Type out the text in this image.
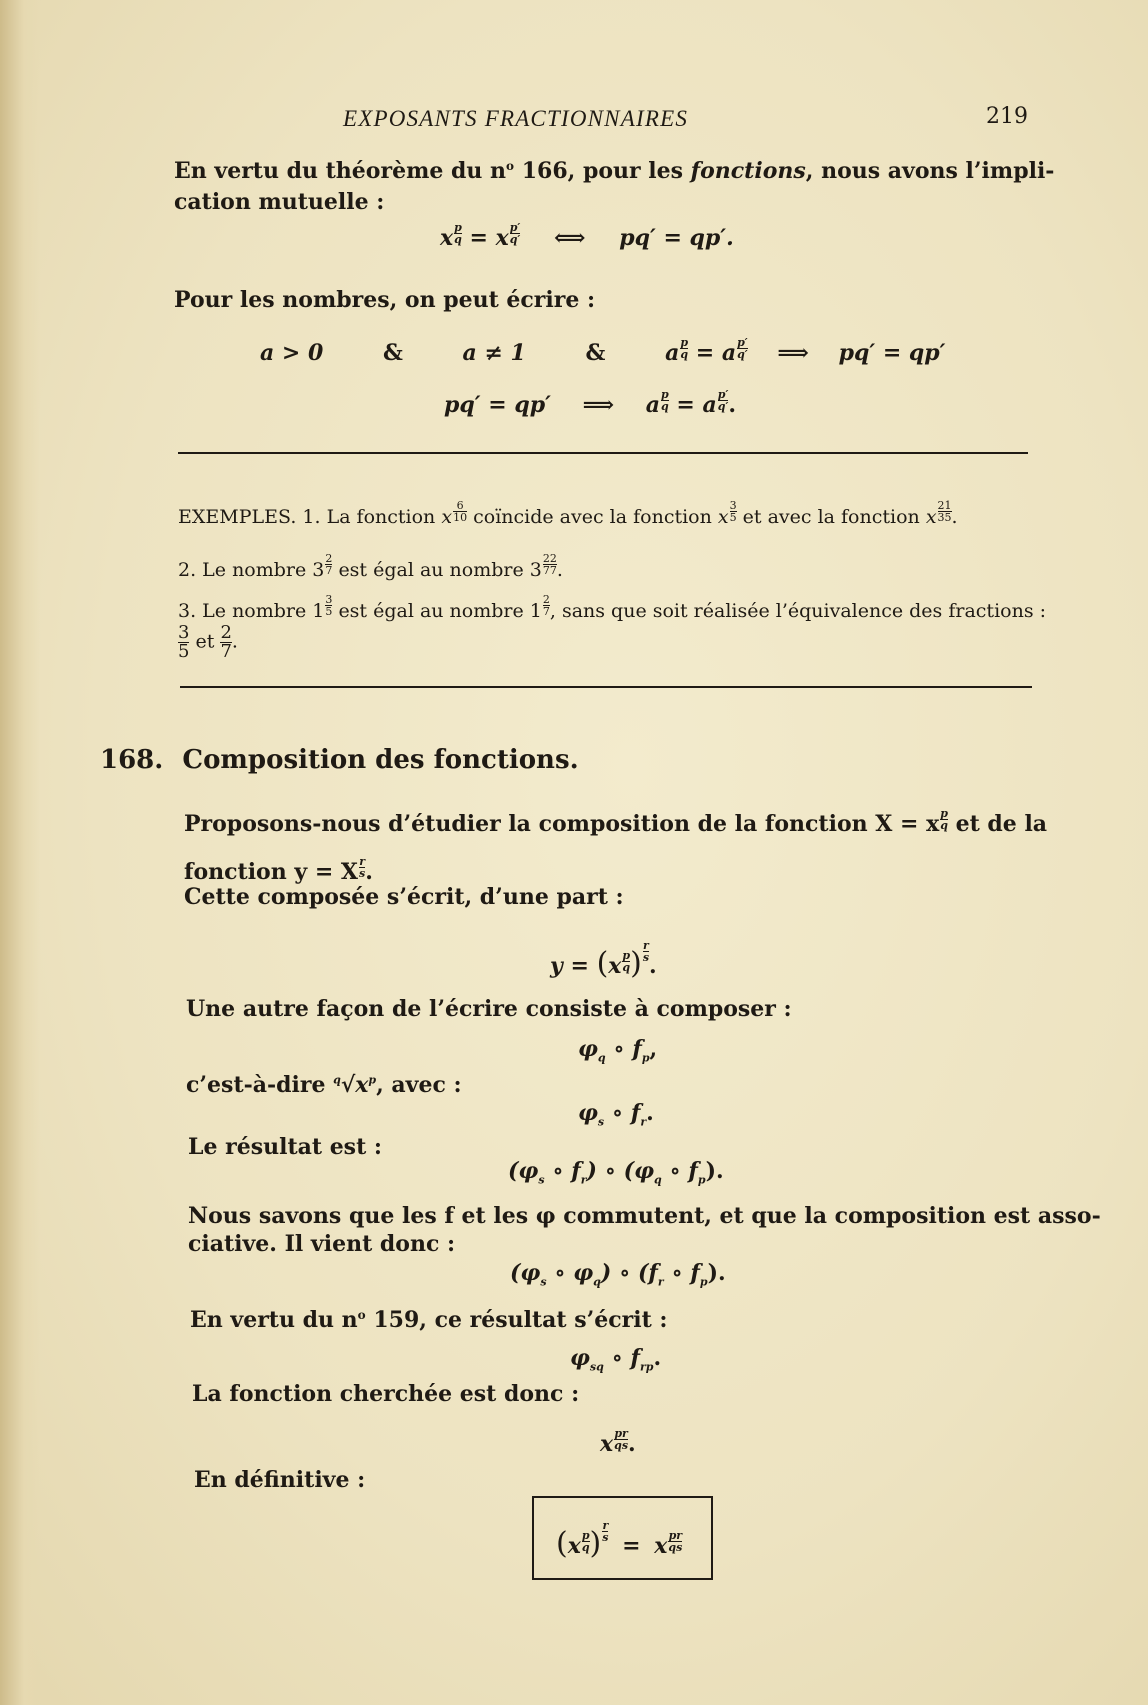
EXPOSANTS FRACTIONNAIRES	219
En vertu du théorème du $n^o$ 166, pour les fonctions, nous avons l’impli-
cation mutuelle :
x $\frac{p}{q} = x \frac{p'}{q'}$ ⟺ pq′ = qp′.
Pour les nombres, on peut écrire :
a > 0	&	a ≠ 1	&	a $\frac{p}{q} = a \frac{p'}{q'}$ ⟹ pq′ = qp′
pq′ = qp′ ⟹ a $\frac{p}{q} = a \frac{p'}{q'}$ .
EXEMPLES. 1. La fonction x $\frac{6}{10}$ coïncide avec la fonction x $\frac{3}{5}$ et avec la fonction x $\frac{21}{35}$ .
2. Le nombre $3 \frac{2}{7}$ est égal au nombre $3 \frac{22}{77}$ .
3. Le nombre $1 \frac{3}{5}$ est égal au nombre $1 \frac{2}{7}$ , sans que soit réalisée l’équivalence des fractions :
$\frac{3}{5}$ et $\frac{2}{7}$ .
168. Composition des fonctions.
Proposons-nous d’étudier la composition de la fonction X = x $\frac{p}{q}$ et de la
fonction y = X $\frac{r}{s}$ .
Cette composée s’écrit, d’une part :
$y = (x \frac{p}{q}$ ) $\frac{r}{s}$
.
Une autre façon de l’écrire consiste à composer :
$\varphi_q$ ∘ $f_p$,
c’est-à-dire $^q√x^p$, avec :
$\varphi_s$ ∘ $f_r$.
Le résultat est :
($\varphi_s$ ∘ $f_r$) ∘ ($\varphi_q$ ∘ $f_p$).
Nous savons que les f et les φ commutent, et que la composition est asso-
ciative. Il vient donc :
($\varphi_s$ ∘ $\varphi_q$) ∘ ($f_r$ ∘ $f_p$).
En vertu du $n^o$ 159, ce résultat s’écrit :
$\varphi_{sq}$ ∘ $f_{rp}$.
La fonction cherchée est donc :
x $\frac{pr}{qs}$ .
En définitive :
($x \frac{p}{q}$ ) $\frac{r}{s}$
= x $\frac{pr}{qs}$
